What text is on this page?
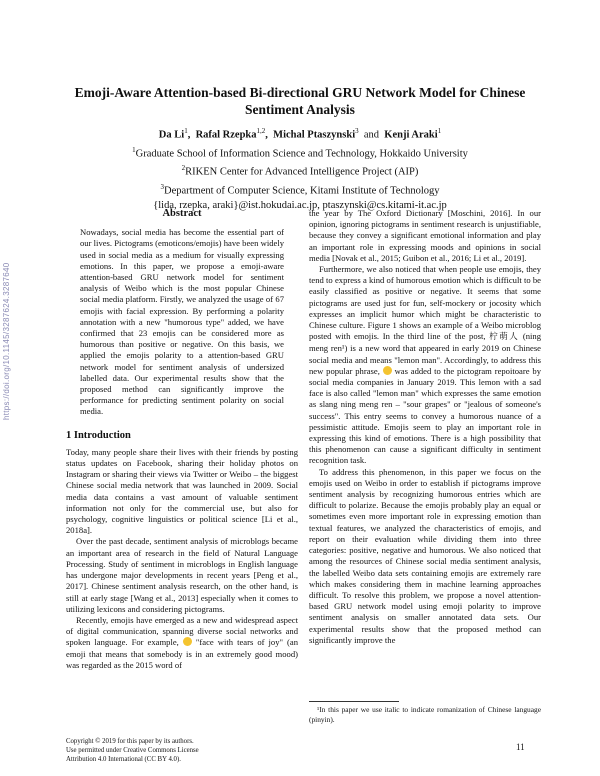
https://doi.org/10.1145/3287624.3287640
Emoji-Aware Attention-based Bi-directional GRU Network Model for Chinese Sentiment Analysis
Da Li$^1$, Rafal Rzepka$^{1,2}$, Michal Ptaszynski$^3$ and Kenji Araki$^1$
$^1$Graduate School of Information Science and Technology, Hokkaido University
$^2$RIKEN Center for Advanced Intelligence Project (AIP)
$^3$Department of Computer Science, Kitami Institute of Technology
{lida, rzepka, araki}@ist.hokudai.ac.jp, ptaszynski@cs.kitami-it.ac.jp
Abstract
Nowadays, social media has become the essential part of our lives. Pictograms (emoticons/emojis) have been widely used in social media as a medium for visually expressing emotions. In this paper, we propose a emoji-aware attention-based GRU network model for sentiment analysis of Weibo which is the most popular Chinese social media platform. Firstly, we analyzed the usage of 67 emojis with facial expression. By performing a polarity annotation with a new "humorous type" added, we have confirmed that 23 emojis can be considered more as humorous than positive or negative. On this basis, we applied the emojis polarity to a attention-based GRU network model for sentiment analysis of undersized labelled data. Our experimental results show that the proposed method can significantly improve the performance for predicting sentiment polarity on social media.
1 Introduction

Today, many people share their lives with their friends by posting status updates on Facebook, sharing their holiday photos on Instagram or sharing their views via Twitter or Weibo – the biggest Chinese social media network that was launched in 2009. Social media data contains a vast amount of valuable sentiment information not only for the commercial use, but also for psychology, cognitive linguistics or political science [Li et al., 2018a].

Over the past decade, sentiment analysis of microblogs became an important area of research in the field of Natural Language Processing. Study of sentiment in microblogs in English language has undergone major developments in recent years [Peng et al., 2017]. Chinese sentiment analysis research, on the other hand, is still at early stage [Wang et al., 2013] especially when it comes to utilizing lexicons and considering pictograms.

Recently, emojis have emerged as a new and widespread aspect of digital communication, spanning diverse social networks and spoken language. For example, "face with tears of joy" (an emoji that means that somebody is in an extremely good mood) was regarded as the 2015 word of

the year by The Oxford Dictionary [Moschini, 2016]. In our opinion, ignoring pictograms in sentiment research is unjustifiable, because they convey a significant emotional information and play an important role in expressing moods and opinions in social media [Novak et al., 2015; Guibon et al., 2016; Li et al., 2019].

Furthermore, we also noticed that when people use emojis, they tend to express a kind of humorous emotion which is difficult to be easily classified as positive or negative. It seems that some pictograms are used just for fun, self-mockery or jocosity which expresses an implicit humor which might be characteristic to Chinese culture. Figure 1 shows an example of a Weibo microblog posted with emojis. In the third line of the post, 柠萌人 (ning meng ren¹) is a new word that appeared in early 2019 on Chinese social media and means "lemon man". Accordingly, to address this new popular phrase, was added to the pictogram repoitoare by social media companies in January 2019. This lemon with a sad face is also called "lemon man" which expresses the same emotion as slang ning meng ren – "sour grapes" or "jealous of someone's success". This entry seems to convey a humorous nuance of a pessimistic attitude. Emojis seem to play an important role in expressing this kind of emotions. There is a high possibility that this phenomenon can cause a significant difficulty in sentiment recognition task.

To address this phenomenon, in this paper we focus on the emojis used on Weibo in order to establish if pictograms improve sentiment analysis by recognizing humorous entries which are difficult to polarize. Because the emojis probably play an equal or sometimes even more important role in expressing emotion than textual features, we analyzed the characteristics of emojis, and report on their evaluation while dividing them into three categories: positive, negative and humorous. We also noticed that among the resources of Chinese social media sentiment analysis, the labelled Weibo data sets containing emojis are extremely rare which makes considering them in machine learning approaches difficult. To resolve this problem, we propose a novel attention-based GRU network model using emoji polarity to improve sentiment analysis on smaller annotated data sets. Our experimental results show that the proposed method can significantly improve the

¹In this paper we use italic to indicate romanization of Chinese language (pinyin).
Copyright © 2019 for this paper by its authors.
Use permitted under Creative Commons License
Attribution 4.0 International (CC BY 4.0).
11
